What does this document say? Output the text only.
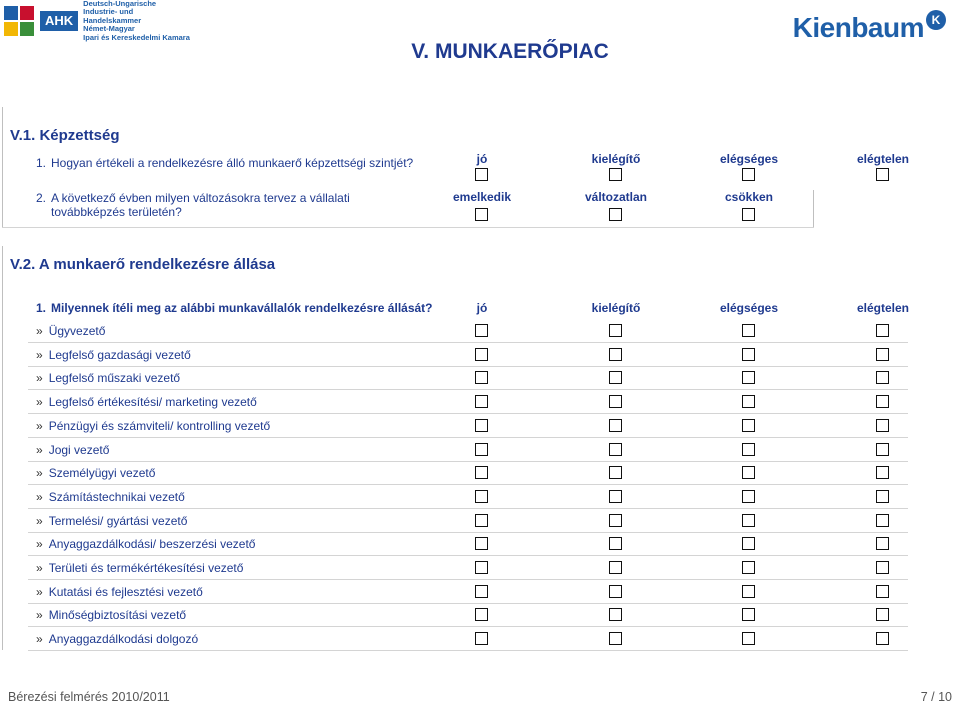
AHK
Deutsch-Ungarische
Industrie- und Handelskammer
Német-Magyar
Ipari és Kereskedelmi Kamara	Kienbaum K
V. MUNKAERŐPIAC
V.1. Képzettség
1. Hogyan értékeli a rendelkezésre álló munkaerő képzettségi szintjét?	jó	kielégítő	elégséges	elégtelen
2. A következő évben milyen változásokra tervez a vállalati továbbképzés területén?
emelkedik	változatlan	csökken
V.2. A munkaerő rendelkezésre állása
1. Milyennek ítéli meg az alábbi munkavállalók rendelkezésre állását?	jó	kielégítő	elégséges	elégtelen
» Ügyvezető
» Legfelső gazdasági vezető
» Legfelső műszaki vezető
» Legfelső értékesítési/ marketing vezető
» Pénzügyi és számviteli/ kontrolling vezető
» Jogi vezető
» Személyügyi vezető
» Számítástechnikai vezető
» Termelési/ gyártási vezető
» Anyaggazdálkodási/ beszerzési vezető
» Területi és termékértékesítési vezető
» Kutatási és fejlesztési vezető
» Minőségbiztosítási vezető
» Anyaggazdálkodási dolgozó
Bérezési felmérés 2010/2011	7 / 10
